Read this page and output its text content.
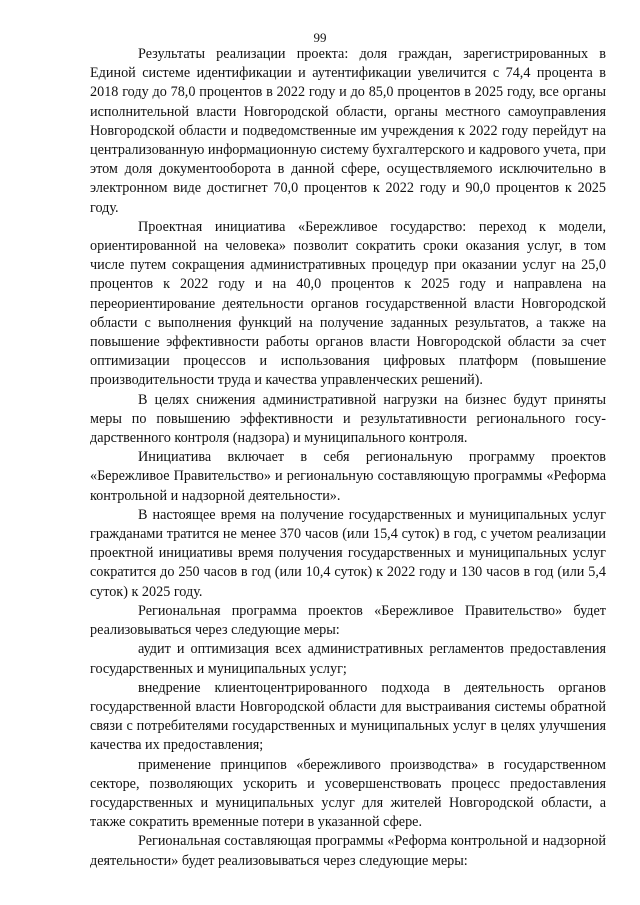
99

Результаты реализации проекта: доля граждан, зарегистрированных в Единой системе идентификации и аутентификации увеличится с 74,4 процента в 2018 году до 78,0 процентов в 2022 году и до 85,0 процентов в 2025 году, все органы исполнительной власти Новгородской области, органы местного самоуправления Новгородской области и подведомственные им учреждения к 2022 году перейдут на централизованную информационную систему бухгалтерского и кадрового учета, при этом доля документооборота в данной сфере, осуществляемого исключительно в электронном виде достигнет 70,0 процентов к 2022 году и 90,0 процентов к 2025 году.

Проектная инициатива «Бережливое государство: переход к модели, ориентированной на человека» позволит сократить сроки оказания услуг, в том числе путем сокращения административных процедур при оказании услуг на 25,0 процентов к 2022 году и на 40,0 процентов к 2025 году и направлена на переориентирование деятельности органов государственной власти Новгородской области с выполнения функций на получение заданных результатов, а также на повышение эффективности работы органов власти Новгородской области за счет оптимизации процессов и использования цифровых платформ (повышение производительности труда и качества управленческих решений).

В целях снижения административной нагрузки на бизнес будут приняты меры по повышению эффективности и результативности регионального государственного контроля (надзора) и муниципального контроля.

Инициатива включает в себя региональную программу проектов «Бережливое Правительство» и региональную составляющую программы «Реформа контрольной и надзорной деятельности».

В настоящее время на получение государственных и муниципальных услуг гражданами тратится не менее 370 часов (или 15,4 суток) в год, с учетом реализации проектной инициативы время получения государственных и муниципальных услуг сократится до 250 часов в год (или 10,4 суток) к 2022 году и 130 часов в год (или 5,4 суток) к 2025 году.

Региональная программа проектов «Бережливое Правительство» будет реализовываться через следующие меры:

аудит и оптимизация всех административных регламентов предоставления государственных и муниципальных услуг;

внедрение клиентоцентрированного подхода в деятельность органов государственной власти Новгородской области для выстраивания системы обратной связи с потребителями государственных и муниципальных услуг в целях улучшения качества их предоставления;

применение принципов «бережливого производства» в государственном секторе, позволяющих ускорить и усовершенствовать процесс предоставления государственных и муниципальных услуг для жителей Новгородской области, а также сократить временные потери в указанной сфере.

Региональная составляющая программы «Реформа контрольной и надзорной деятельности» будет реализовываться через следующие меры:
